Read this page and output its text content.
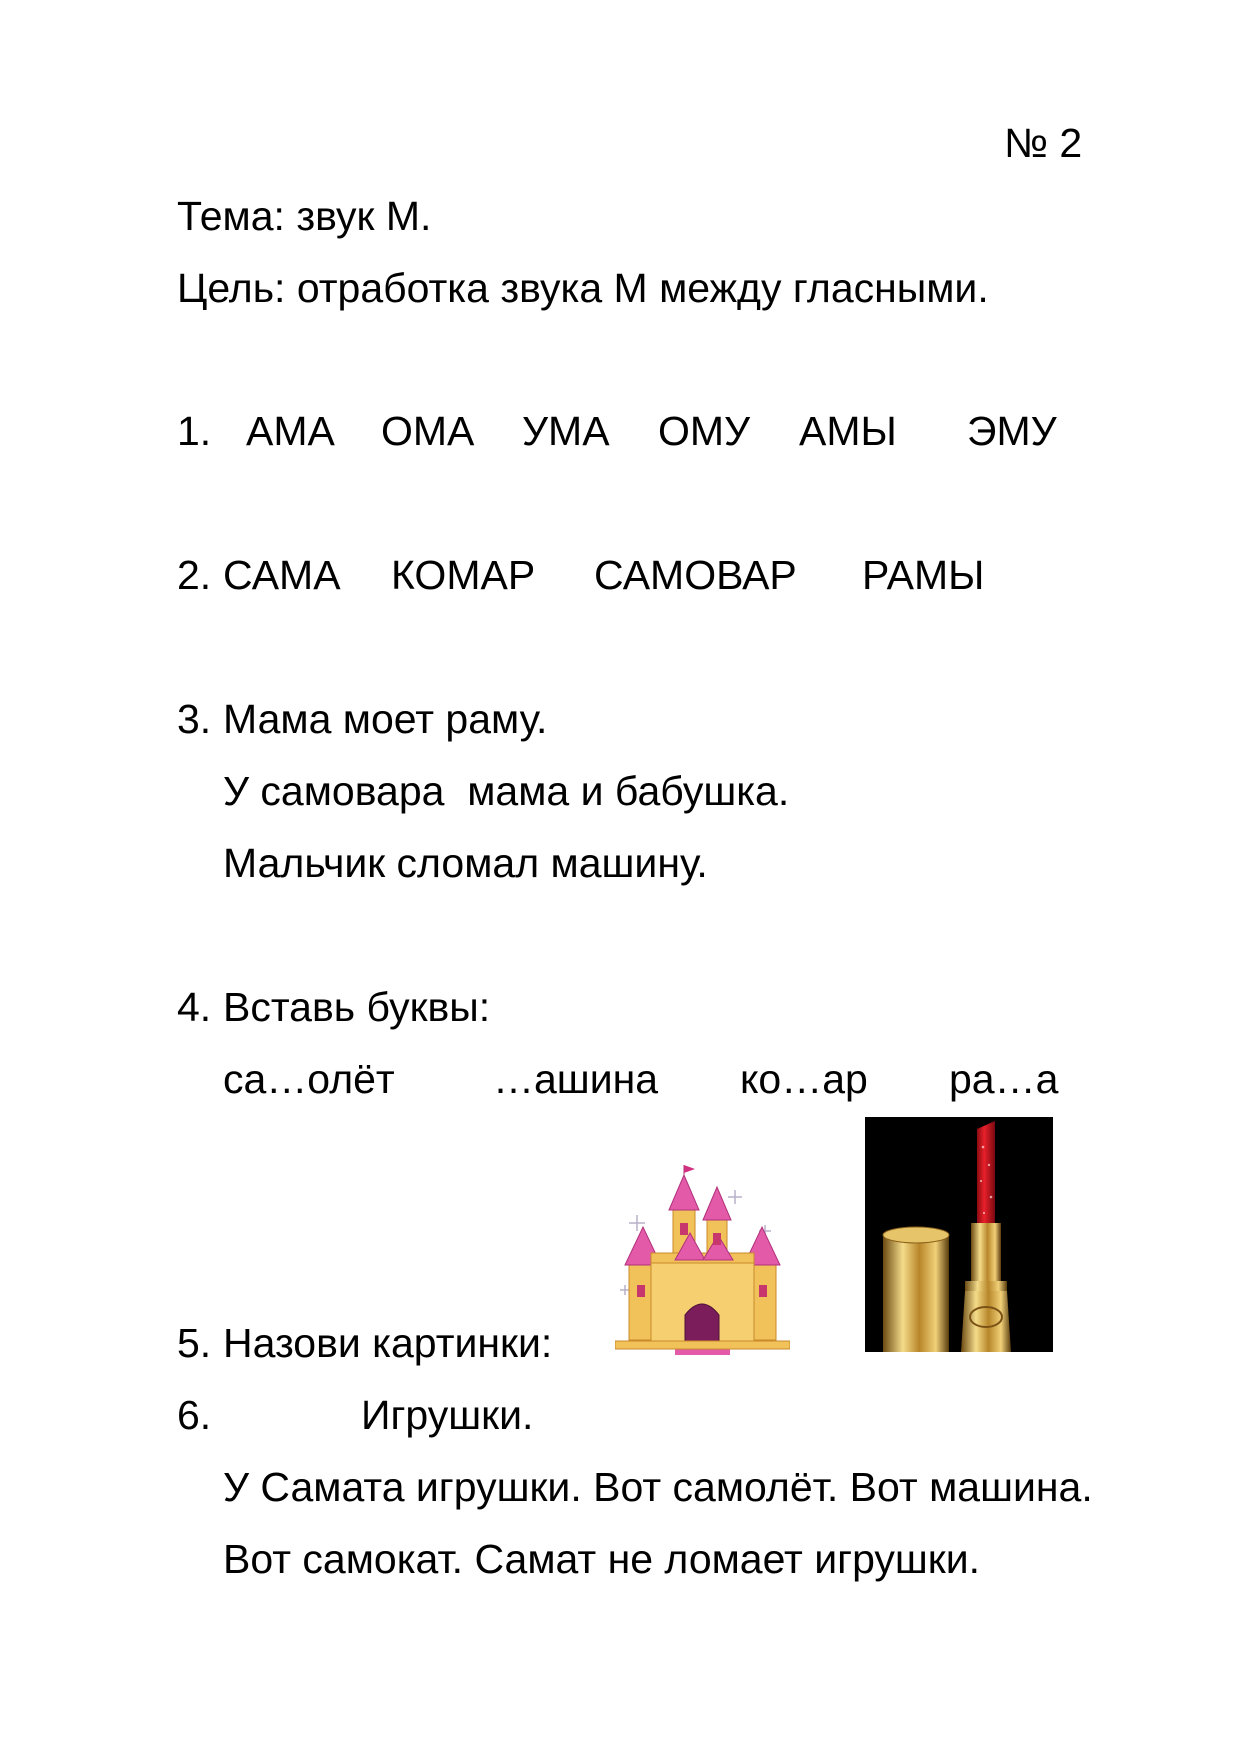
№ 2
Тема: звук М.
Цель: отработка звука М между гласными.
1. АМА ОМА УМА ОМУ АМЫ ЭМУ
2. САМА КОМАР САМОВАР РАМЫ
3. Мама моет раму.
У самовара  мама и бабушка.
Мальчик сломал машину.
4. Вставь буквы:
са…олёт …ашина ко…ар ра…а
5. Назови картинки:
6.	Игрушки.
У Самата игрушки. Вот самолёт. Вот машина.
Вот самокат. Самат не ломает игрушки.
